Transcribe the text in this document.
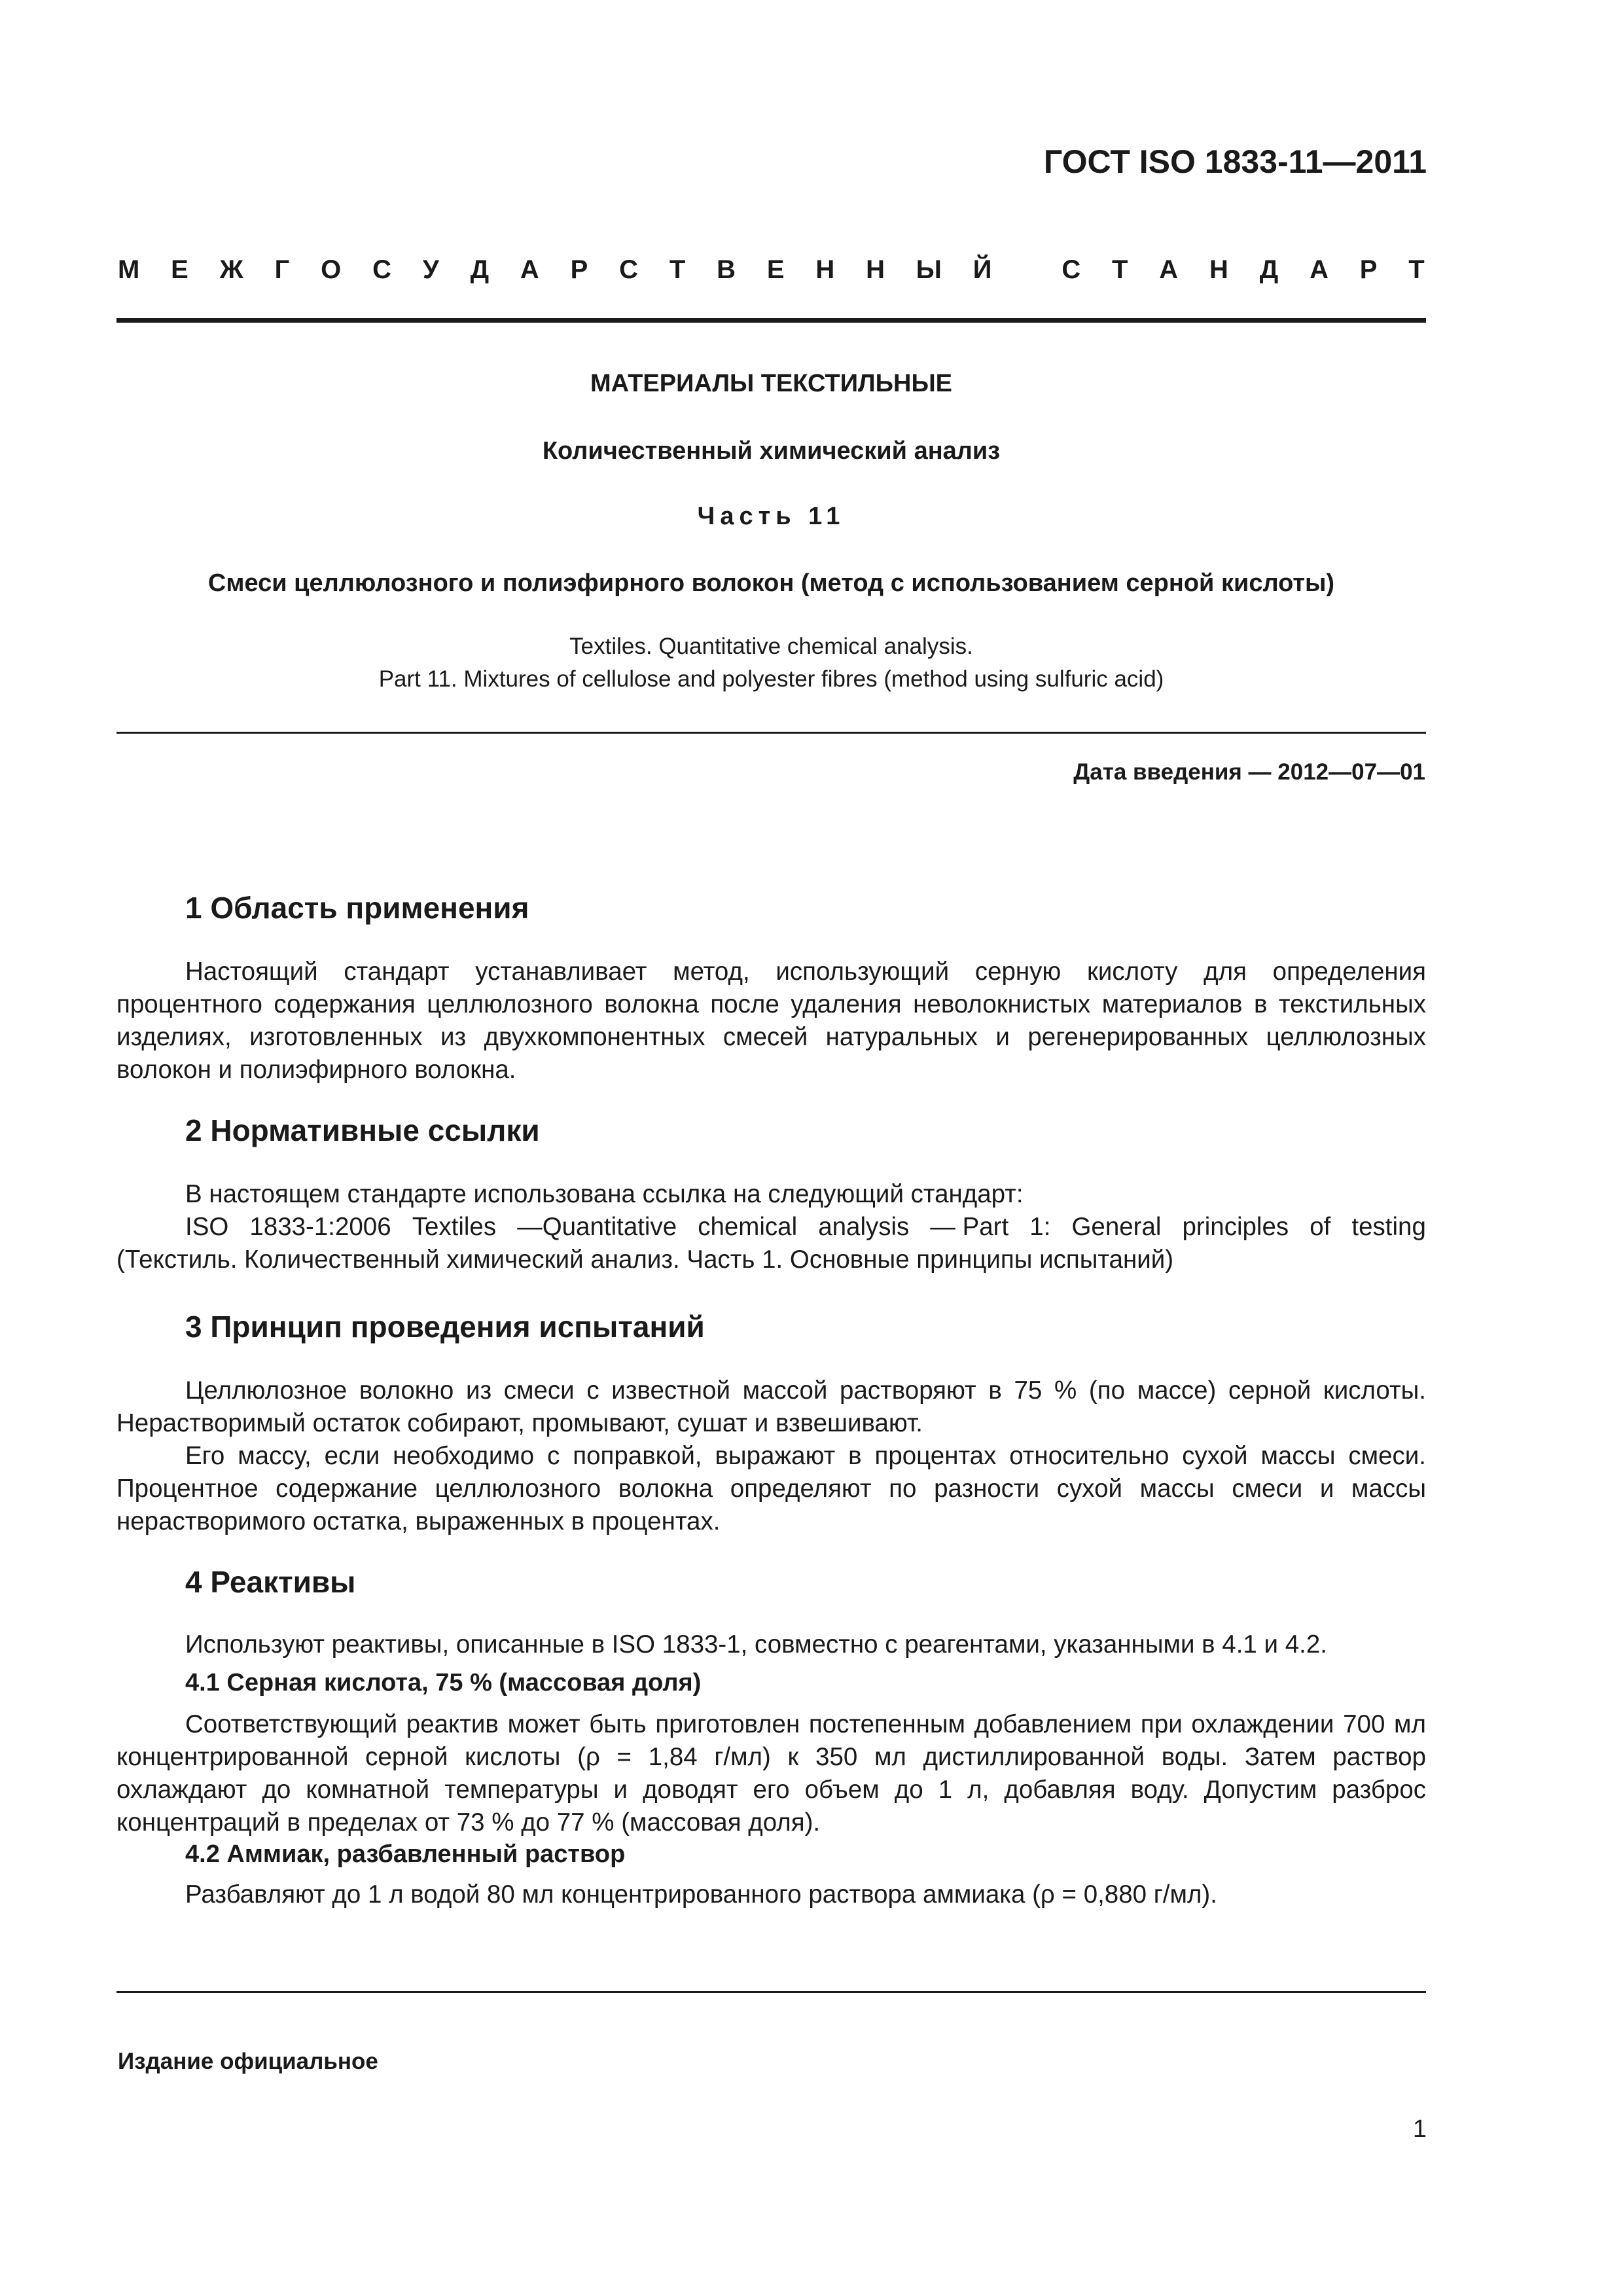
ГОСТ ISO 1833-11—2011
М Е Ж Г О С У Д А Р С Т В Е Н Н Ы Й
	С Т А Н Д А Р Т
МАТЕРИАЛЫ ТЕКСТИЛЬНЫЕ
Количественный химический анализ
Часть 11
Смеси целлюлозного и полиэфирного волокон (метод с использованием серной кислоты)
Textiles. Quantitative chemical analysis.
Part 11. Mixtures of cellulose and polyester fibres (method using sulfuric acid)
Дата введения — 2012—07—01
1 Область применения
Настоящий стандарт устанавливает метод, использующий серную кислоту для определения процентного содержания целлюлозного волокна после удаления неволокнистых материалов в текстильных изделиях, изготовленных из двухкомпонентных смесей натуральных и регенерированных целлюлозных волокон и полиэфирного волокна.
2 Нормативные ссылки
В настоящем стандарте использована ссылка на следующий стандарт:
ISO 1833-1:2006 Textiles —Quantitative chemical analysis — Part 1: General principles of testing
(Текстиль. Количественный химический анализ. Часть 1. Основные принципы испытаний)
3 Принцип проведения испытаний
Целлюлозное волокно из смеси с известной массой растворяют в 75 % (по массе) серной кислоты. Нерастворимый остаток собирают, промывают, сушат и взвешивают.
Его массу, если необходимо с поправкой, выражают в процентах относительно сухой массы смеси. Процентное содержание целлюлозного волокна определяют по разности сухой массы смеси и массы нерастворимого остатка, выраженных в процентах.
4 Реактивы
Используют реактивы, описанные в ISO 1833-1, совместно с реагентами, указанными в 4.1 и 4.2.
4.1 Серная кислота, 75 % (массовая доля)
Соответствующий реактив может быть приготовлен постепенным добавлением при охлаждении 700 мл концентрированной серной кислоты (ρ = 1,84 г/мл) к 350 мл дистиллированной воды. Затем раствор охлаждают до комнатной температуры и доводят его объем до 1 л, добавляя воду. Допустим разброс концентраций в пределах от 73 % до 77 % (массовая доля).
4.2 Аммиак, разбавленный раствор
Разбавляют до 1 л водой 80 мл концентрированного раствора аммиака (ρ = 0,880 г/мл).
Издание официальное
1
